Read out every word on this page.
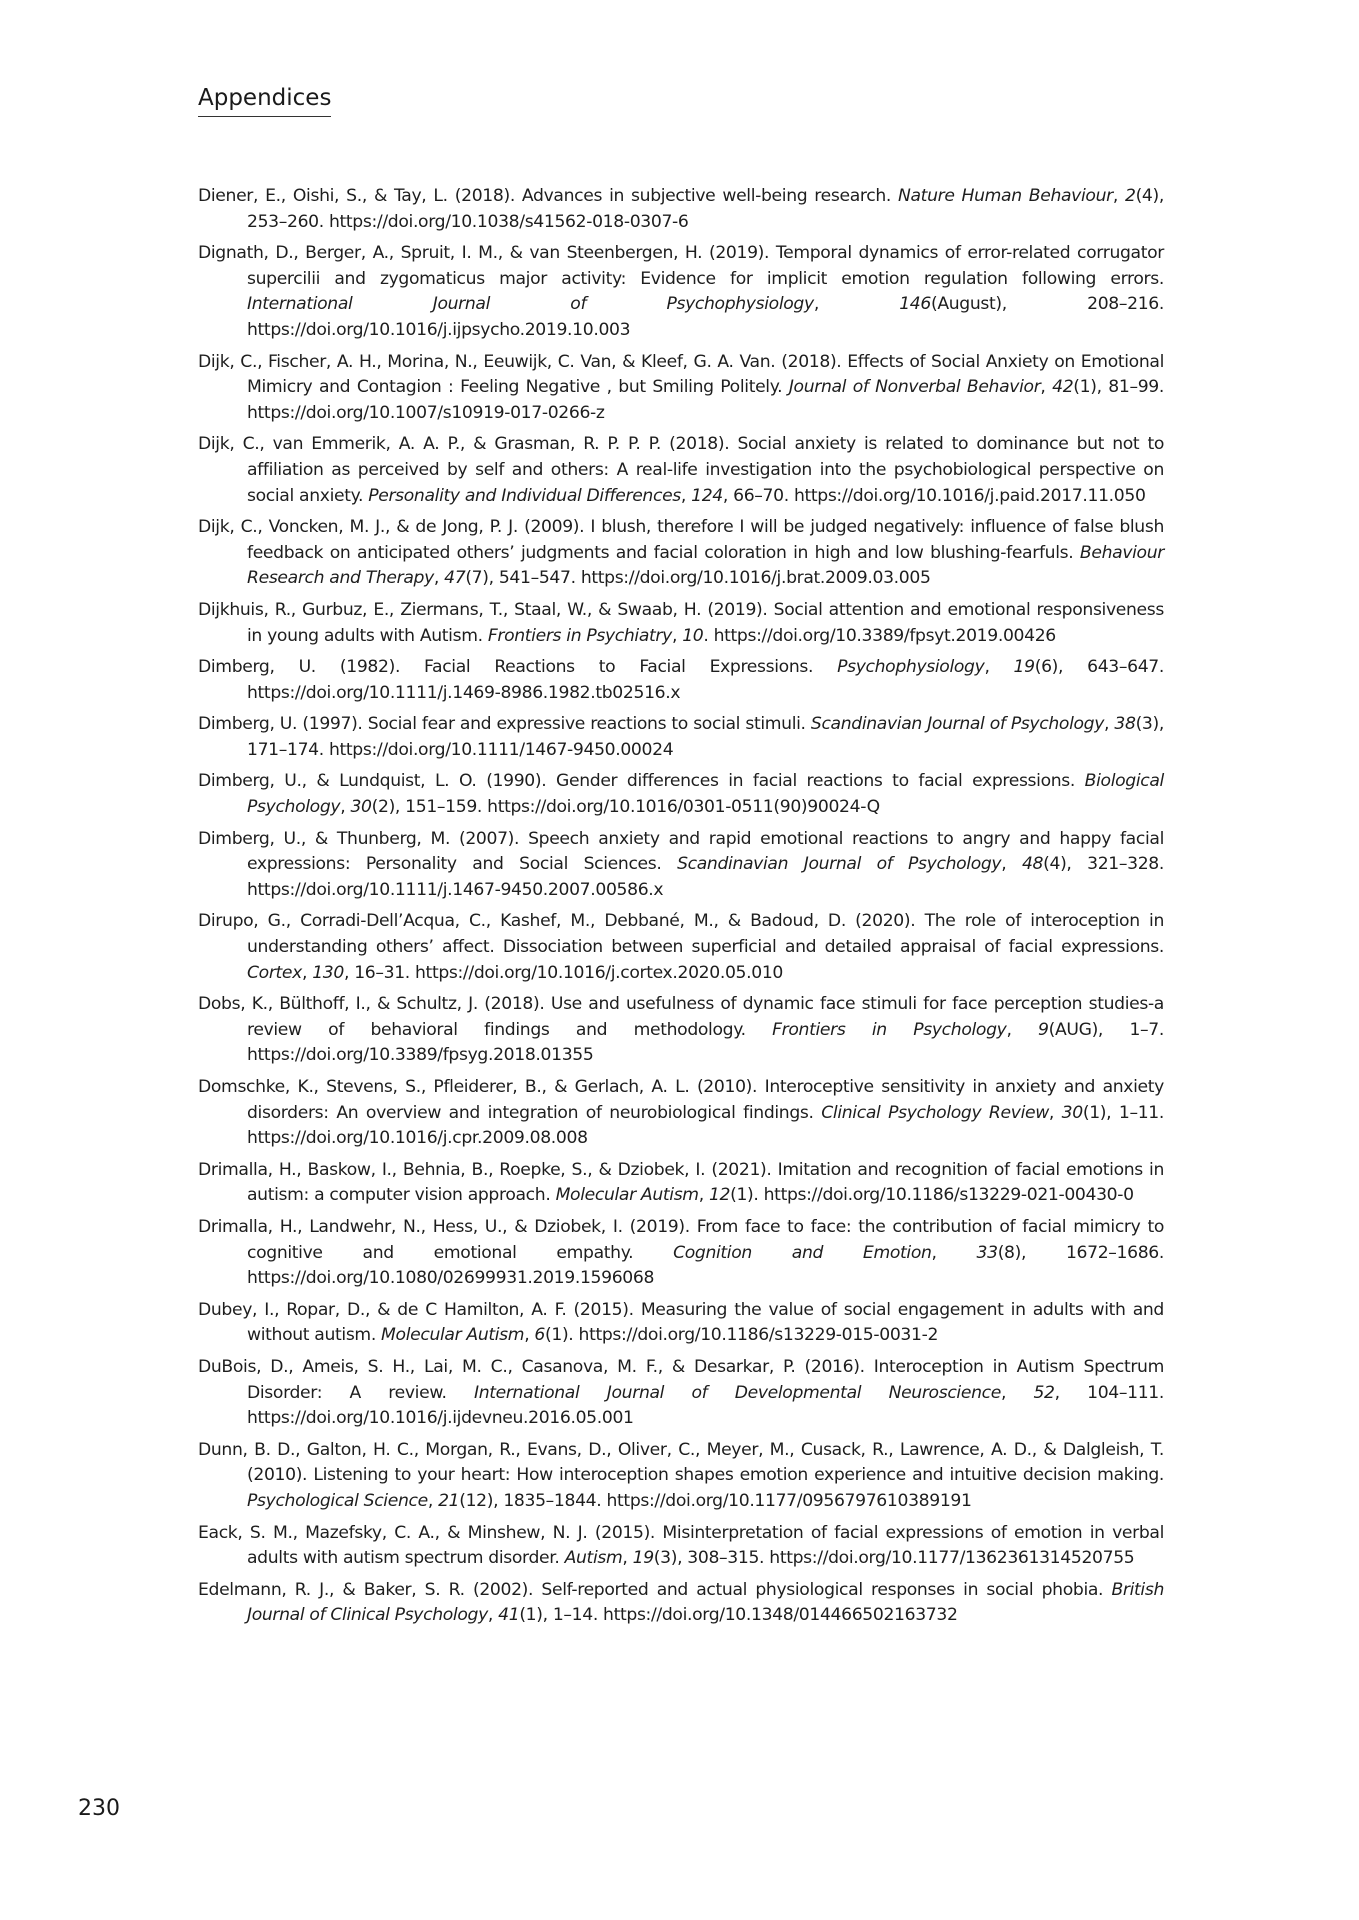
Appendices
Diener, E., Oishi, S., & Tay, L. (2018). Advances in subjective well-being research. Nature Human Behaviour, 2(4), 253–260. https://doi.org/10.1038/s41562-018-0307-6
Dignath, D., Berger, A., Spruit, I. M., & van Steenbergen, H. (2019). Temporal dynamics of error-related corrugator supercilii and zygomaticus major activity: Evidence for implicit emotion regulation following errors. International Journal of Psychophysiology, 146(August), 208–216. https://doi.org/10.1016/j.ijpsycho.2019.10.003
Dijk, C., Fischer, A. H., Morina, N., Eeuwijk, C. Van, & Kleef, G. A. Van. (2018). Effects of Social Anxiety on Emotional Mimicry and Contagion : Feeling Negative , but Smiling Politely. Journal of Nonverbal Behavior, 42(1), 81–99. https://doi.org/10.1007/s10919-017-0266-z
Dijk, C., van Emmerik, A. A. P., & Grasman, R. P. P. P. (2018). Social anxiety is related to dominance but not to affiliation as perceived by self and others: A real-life investigation into the psychobiological perspective on social anxiety. Personality and Individual Differences, 124, 66–70. https://doi.org/10.1016/j.paid.2017.11.050
Dijk, C., Voncken, M. J., & de Jong, P. J. (2009). I blush, therefore I will be judged negatively: influence of false blush feedback on anticipated others’ judgments and facial coloration in high and low blushing-fearfuls. Behaviour Research and Therapy, 47(7), 541–547. https://doi.org/10.1016/j.brat.2009.03.005
Dijkhuis, R., Gurbuz, E., Ziermans, T., Staal, W., & Swaab, H. (2019). Social attention and emotional responsiveness in young adults with Autism. Frontiers in Psychiatry, 10. https://doi.org/10.3389/fpsyt.2019.00426
Dimberg, U. (1982). Facial Reactions to Facial Expressions. Psychophysiology, 19(6), 643–647. https://doi.org/10.1111/j.1469-8986.1982.tb02516.x
Dimberg, U. (1997). Social fear and expressive reactions to social stimuli. Scandinavian Journal of Psychology, 38(3), 171–174. https://doi.org/10.1111/1467-9450.00024
Dimberg, U., & Lundquist, L. O. (1990). Gender differences in facial reactions to facial expressions. Biological Psychology, 30(2), 151–159. https://doi.org/10.1016/0301-0511(90)90024-Q
Dimberg, U., & Thunberg, M. (2007). Speech anxiety and rapid emotional reactions to angry and happy facial expressions: Personality and Social Sciences. Scandinavian Journal of Psychology, 48(4), 321–328. https://doi.org/10.1111/j.1467-9450.2007.00586.x
Dirupo, G., Corradi-Dell’Acqua, C., Kashef, M., Debbané, M., & Badoud, D. (2020). The role of interoception in understanding others’ affect. Dissociation between superficial and detailed appraisal of facial expressions. Cortex, 130, 16–31. https://doi.org/10.1016/j.cortex.2020.05.010
Dobs, K., Bülthoff, I., & Schultz, J. (2018). Use and usefulness of dynamic face stimuli for face perception studies-a review of behavioral findings and methodology. Frontiers in Psychology, 9(AUG), 1–7. https://doi.org/10.3389/fpsyg.2018.01355
Domschke, K., Stevens, S., Pfleiderer, B., & Gerlach, A. L. (2010). Interoceptive sensitivity in anxiety and anxiety disorders: An overview and integration of neurobiological findings. Clinical Psychology Review, 30(1), 1–11. https://doi.org/10.1016/j.cpr.2009.08.008
Drimalla, H., Baskow, I., Behnia, B., Roepke, S., & Dziobek, I. (2021). Imitation and recognition of facial emotions in autism: a computer vision approach. Molecular Autism, 12(1). https://doi.org/10.1186/s13229-021-00430-0
Drimalla, H., Landwehr, N., Hess, U., & Dziobek, I. (2019). From face to face: the contribution of facial mimicry to cognitive and emotional empathy. Cognition and Emotion, 33(8), 1672–1686. https://doi.org/10.1080/02699931.2019.1596068
Dubey, I., Ropar, D., & de C Hamilton, A. F. (2015). Measuring the value of social engagement in adults with and without autism. Molecular Autism, 6(1). https://doi.org/10.1186/s13229-015-0031-2
DuBois, D., Ameis, S. H., Lai, M. C., Casanova, M. F., & Desarkar, P. (2016). Interoception in Autism Spectrum Disorder: A review. International Journal of Developmental Neuroscience, 52, 104–111. https://doi.org/10.1016/j.ijdevneu.2016.05.001
Dunn, B. D., Galton, H. C., Morgan, R., Evans, D., Oliver, C., Meyer, M., Cusack, R., Lawrence, A. D., & Dalgleish, T. (2010). Listening to your heart: How interoception shapes emotion experience and intuitive decision making. Psychological Science, 21(12), 1835–1844. https://doi.org/10.1177/0956797610389191
Eack, S. M., Mazefsky, C. A., & Minshew, N. J. (2015). Misinterpretation of facial expressions of emotion in verbal adults with autism spectrum disorder. Autism, 19(3), 308–315. https://doi.org/10.1177/1362361314520755
Edelmann, R. J., & Baker, S. R. (2002). Self-reported and actual physiological responses in social phobia. British Journal of Clinical Psychology, 41(1), 1–14. https://doi.org/10.1348/014466502163732
230
